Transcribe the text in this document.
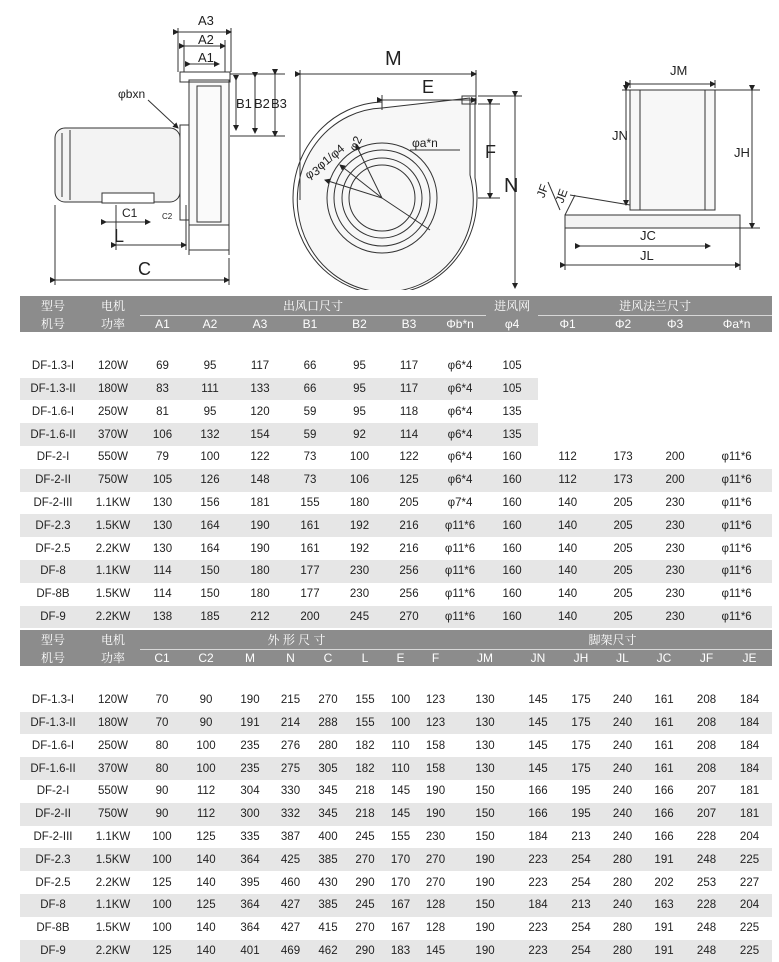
A3
A2
A1
φbxn
B1 B2 B3
C1	C2
L
C
M
E
F
N
φ2
φ1/φ4
φ3
φa*n
JM
JN
JH
JF JE
JC
JL
型号	电机	出风口尺寸							进风网	进风法兰尺寸			
机号	功率	A1	A2	A3	B1	B2	B3	Φb*n	φ4	Φ1	Φ2	Φ3	Φa*n

DF-1.3-I	120W	69	95	117	66	95	117	φ6*4	105				
DF-1.3-II	180W	83	111	133	66	95	117	φ6*4	105				
DF-1.6-I	250W	81	95	120	59	95	118	φ6*4	135				
DF-1.6-II	370W	106	132	154	59	92	114	φ6*4	135				
DF-2-I	550W	79	100	122	73	100	122	φ6*4	160	112	173	200	φ11*6
DF-2-II	750W	105	126	148	73	106	125	φ6*4	160	112	173	200	φ11*6
DF-2-III	1.1KW	130	156	181	155	180	205	φ7*4	160	140	205	230	φ11*6
DF-2.3	1.5KW	130	164	190	161	192	216	φ11*6	160	140	205	230	φ11*6
DF-2.5	2.2KW	130	164	190	161	192	216	φ11*6	160	140	205	230	φ11*6
DF-8	1.1KW	114	150	180	177	230	256	φ11*6	160	140	205	230	φ11*6
DF-8B	1.5KW	114	150	180	177	230	256	φ11*6	160	140	205	230	φ11*6
DF-9	2.2KW	138	185	212	200	245	270	φ11*6	160	140	205	230	φ11*6
型号	电机	外 形 尺 寸								脚架尺寸						
机号	功率	C1	C2	M	N	C	L	E	F	JM	JN	JH	JL	JC	JF	JE

DF-1.3-I	120W	70	90	190	215	270	155	100	123	130	145	175	240	161	208	184
DF-1.3-II	180W	70	90	191	214	288	155	100	123	130	145	175	240	161	208	184
DF-1.6-I	250W	80	100	235	276	280	182	110	158	130	145	175	240	161	208	184
DF-1.6-II	370W	80	100	235	275	305	182	110	158	130	145	175	240	161	208	184
DF-2-I	550W	90	112	304	330	345	218	145	190	150	166	195	240	166	207	181
DF-2-II	750W	90	112	300	332	345	218	145	190	150	166	195	240	166	207	181
DF-2-III	1.1KW	100	125	335	387	400	245	155	230	150	184	213	240	166	228	204
DF-2.3	1.5KW	100	140	364	425	385	270	170	270	190	223	254	280	191	248	225
DF-2.5	2.2KW	125	140	395	460	430	290	170	270	190	223	254	280	202	253	227
DF-8	1.1KW	100	125	364	427	385	245	167	128	150	184	213	240	163	228	204
DF-8B	1.5KW	100	140	364	427	415	270	167	128	190	223	254	280	191	248	225
DF-9	2.2KW	125	140	401	469	462	290	183	145	190	223	254	280	191	248	225
